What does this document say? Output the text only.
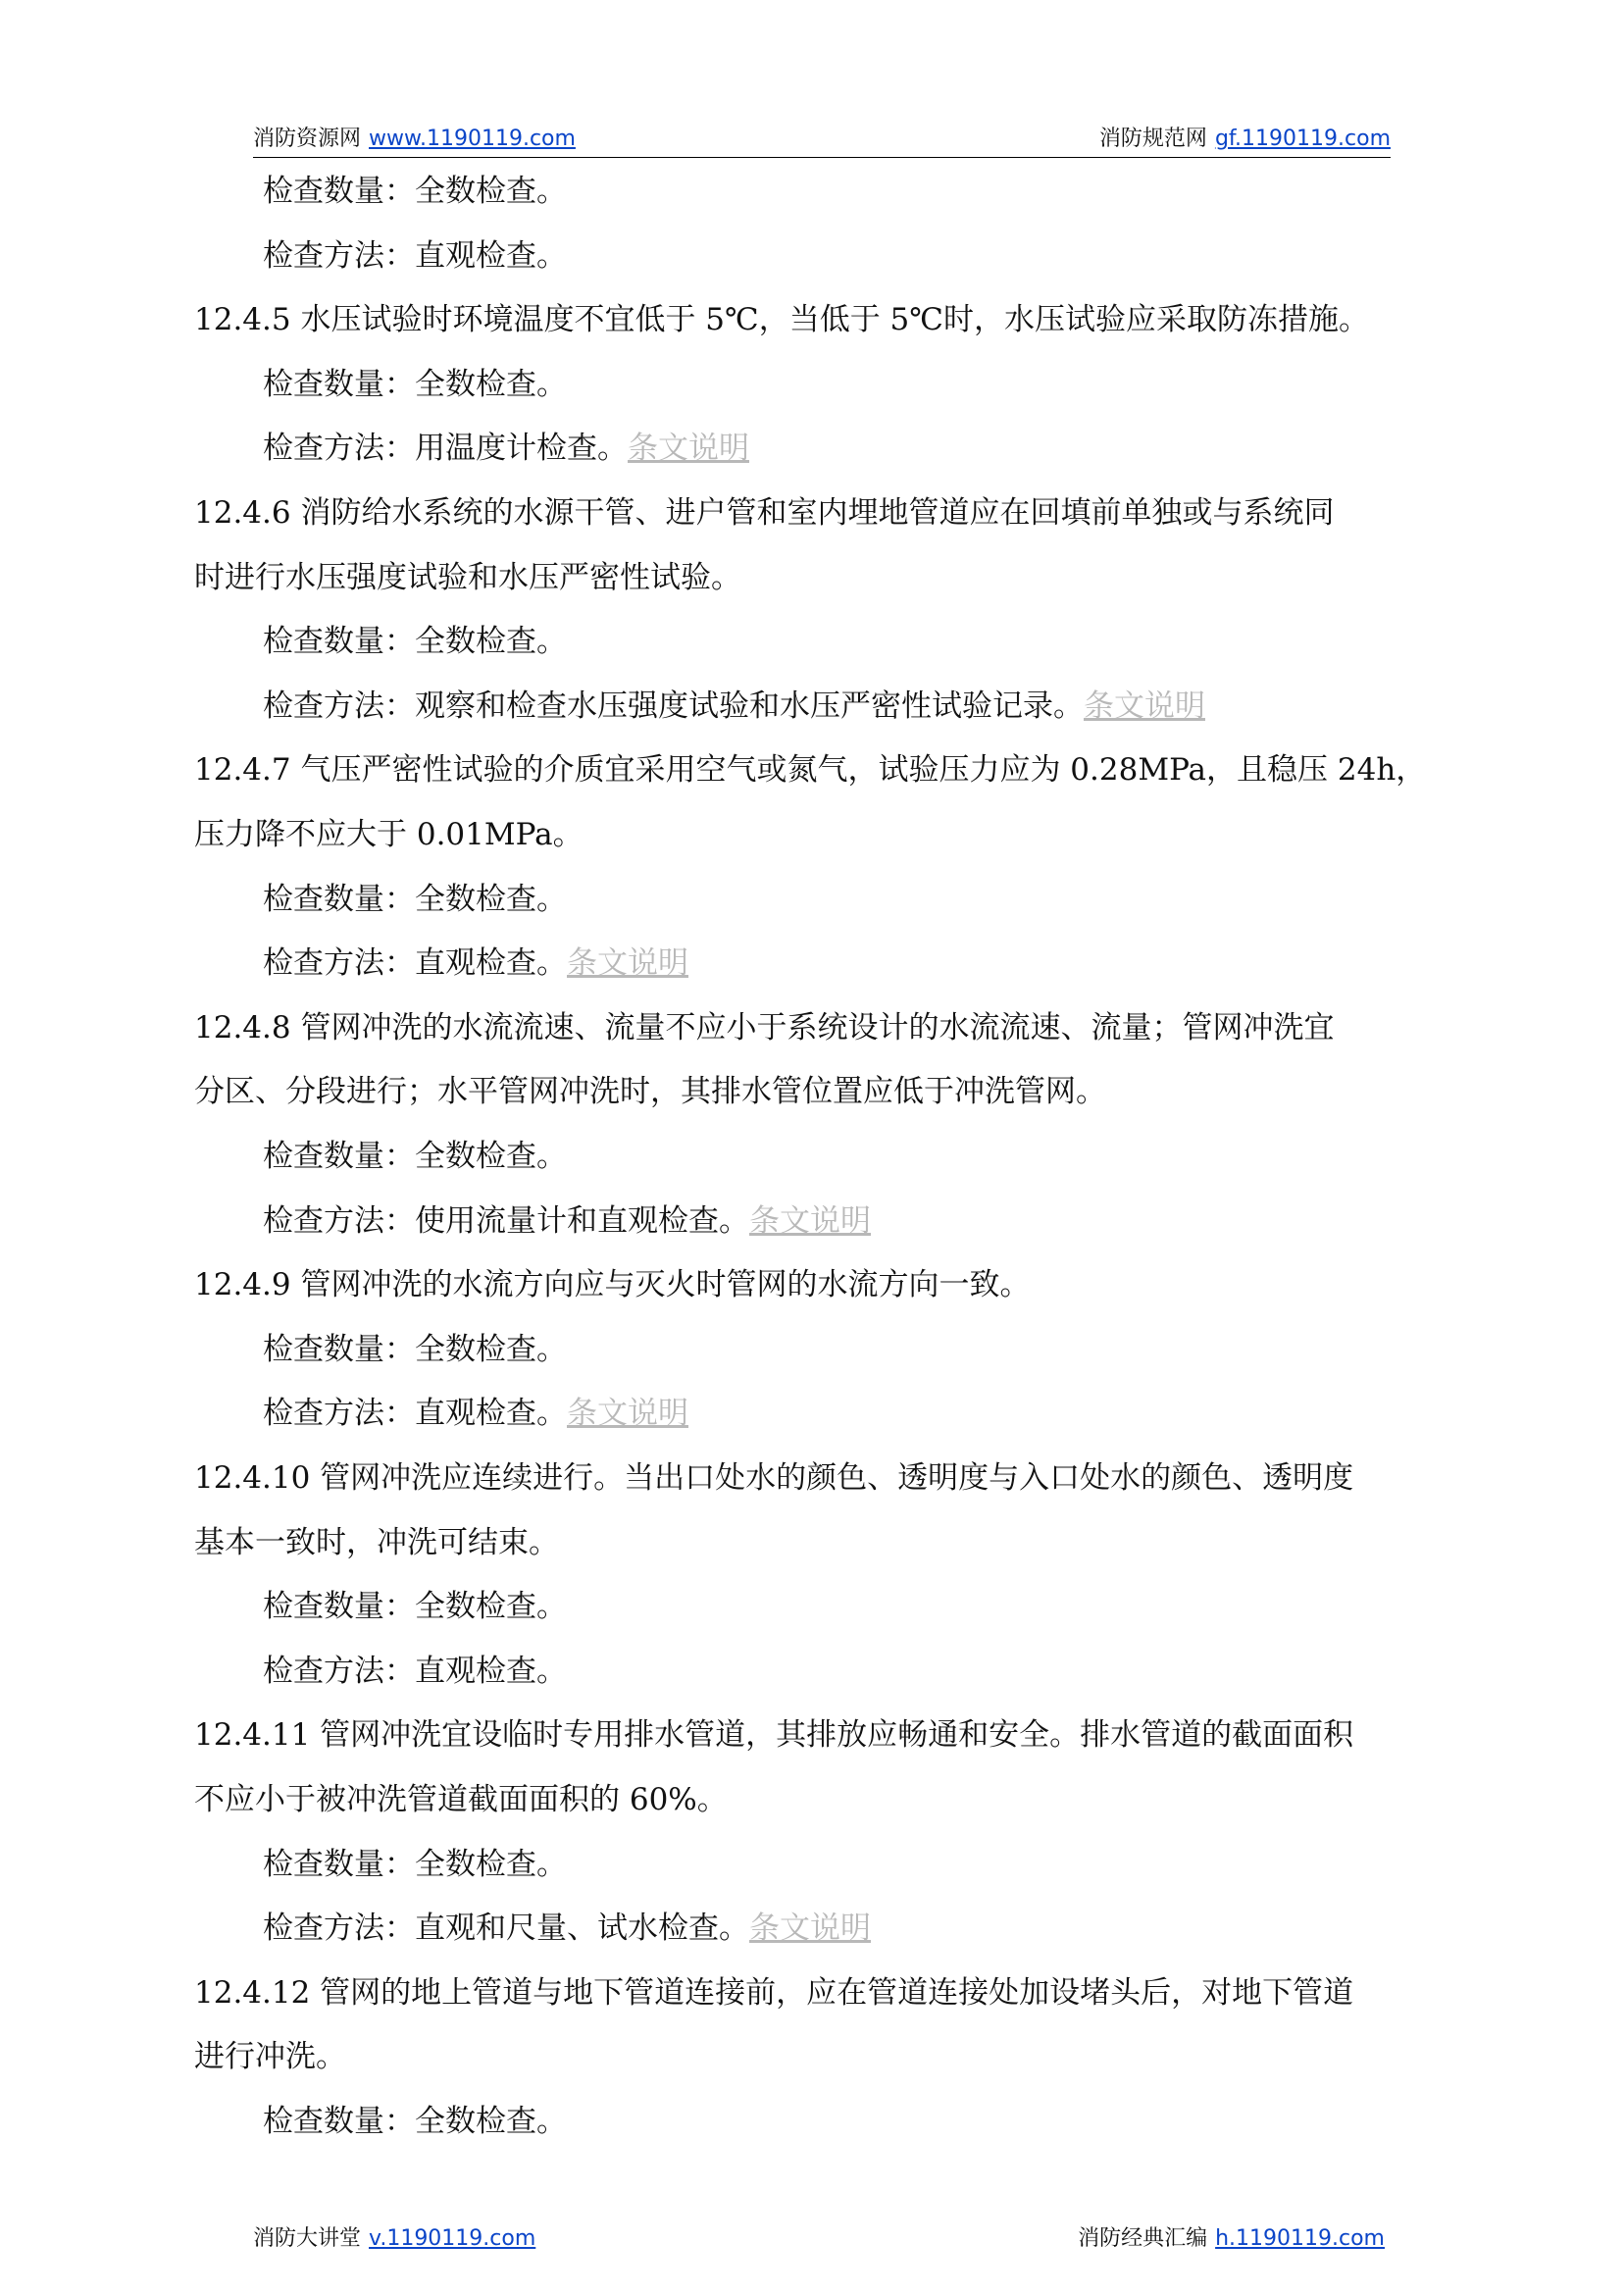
消防资源网 www.1190119.com	消防规范网 gf.1190119.com
检查数量：全数检查。
检查方法：直观检查。
12.4.5 水压试验时环境温度不宜低于 5℃，当低于 5℃时，水压试验应采取防冻措施。
检查数量：全数检查。
检查方法：用温度计检查。条文说明
12.4.6 消防给水系统的水源干管、进户管和室内埋地管道应在回填前单独或与系统同
时进行水压强度试验和水压严密性试验。
检查数量：全数检查。
检查方法：观察和检查水压强度试验和水压严密性试验记录。条文说明
12.4.7 气压严密性试验的介质宜采用空气或氮气，试验压力应为 0.28MPa，且稳压 24h，
压力降不应大于 0.01MPa。
检查数量：全数检查。
检查方法：直观检查。条文说明
12.4.8 管网冲洗的水流流速、流量不应小于系统设计的水流流速、流量；管网冲洗宜
分区、分段进行；水平管网冲洗时，其排水管位置应低于冲洗管网。
检查数量：全数检查。
检查方法：使用流量计和直观检查。条文说明
12.4.9 管网冲洗的水流方向应与灭火时管网的水流方向一致。
检查数量：全数检查。
检查方法：直观检查。条文说明
12.4.10 管网冲洗应连续进行。当出口处水的颜色、透明度与入口处水的颜色、透明度
基本一致时，冲洗可结束。
检查数量：全数检查。
检查方法：直观检查。
12.4.11 管网冲洗宜设临时专用排水管道，其排放应畅通和安全。排水管道的截面面积
不应小于被冲洗管道截面面积的 60%。
检查数量：全数检查。
检查方法：直观和尺量、试水检查。条文说明
12.4.12 管网的地上管道与地下管道连接前，应在管道连接处加设堵头后，对地下管道
进行冲洗。
检查数量：全数检查。
消防大讲堂 v.1190119.com	消防经典汇编 h.1190119.com
